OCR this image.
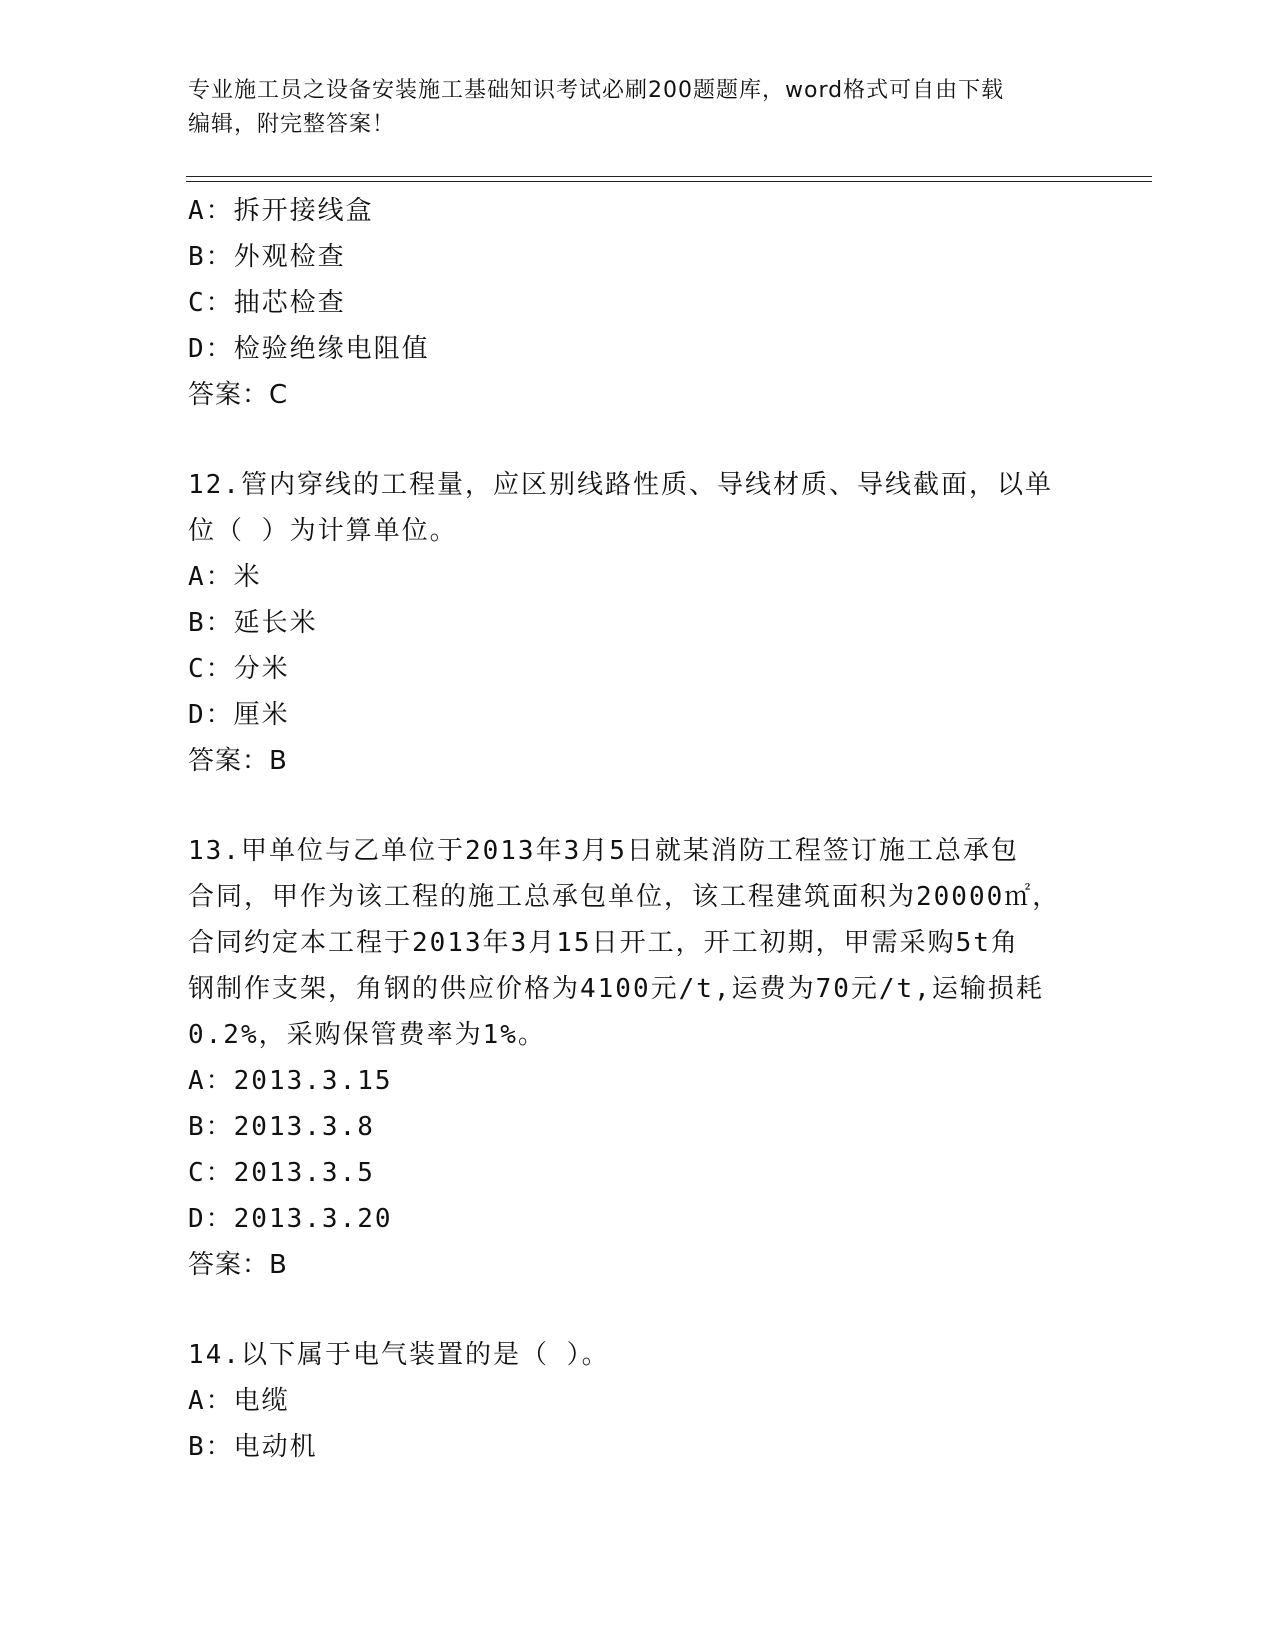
专业施工员之设备安装施工基础知识考试必刷200题题库，word格式可自由下载
编辑，附完整答案！
A：拆开接线盒
B：外观检查
C：抽芯检查
D：检验绝缘电阻值
答案：C
12.管内穿线的工程量，应区别线路性质、导线材质、导线截面，以单
位（ ）为计算单位。
A：米
B：延长米
C：分米
D：厘米
答案：B
13.甲单位与乙单位于2013年3月5日就某消防工程签订施工总承包
合同，甲作为该工程的施工总承包单位，该工程建筑面积为20000㎡，
合同约定本工程于2013年3月15日开工，开工初期，甲需采购5t角
钢制作支架，角钢的供应价格为4100元/t,运费为70元/t,运输损耗
0.2%，采购保管费率为1%。
A：2013.3.15
B：2013.3.8
C：2013.3.5
D：2013.3.20
答案：B
14.以下属于电气装置的是（ ）。
A：电缆
B：电动机
